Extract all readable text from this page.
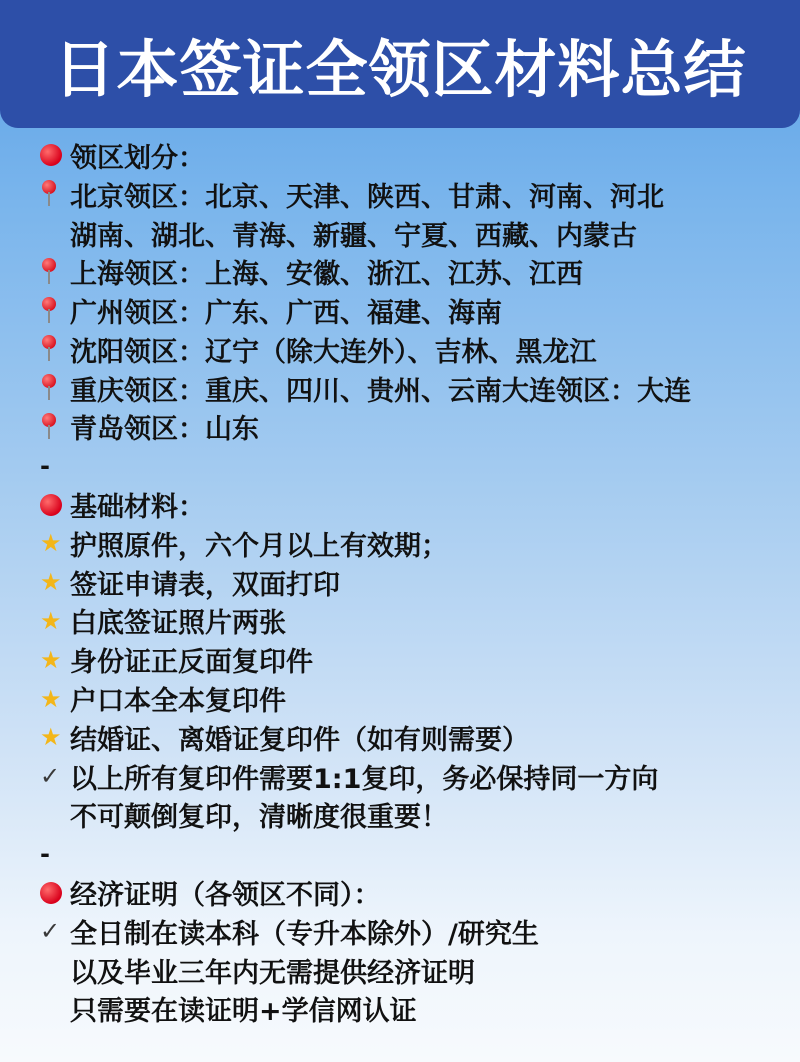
日本签证全领区材料总结
领区划分：
北京领区：北京、天津、陕西、甘肃、河南、河北
湖南、湖北、青海、新疆、宁夏、西藏、内蒙古
上海领区：上海、安徽、浙江、江苏、江西
广州领区：广东、广西、福建、海南
沈阳领区：辽宁（除大连外）、吉林、黑龙江
重庆领区：重庆、四川、贵州、云南大连领区：大连
青岛领区：山东
-
基础材料：
★ 护照原件，六个月以上有效期；
★ 签证申请表，双面打印
★ 白底签证照片两张
★ 身份证正反面复印件
★ 户口本全本复印件
★ 结婚证、离婚证复印件（如有则需要）
✓ 以上所有复印件需要1:1复印，务必保持同一方向
不可颠倒复印，清晰度很重要！
-
经济证明（各领区不同）：
✓ 全日制在读本科（专升本除外）/研究生
以及毕业三年内无需提供经济证明
只需要在读证明+学信网认证
